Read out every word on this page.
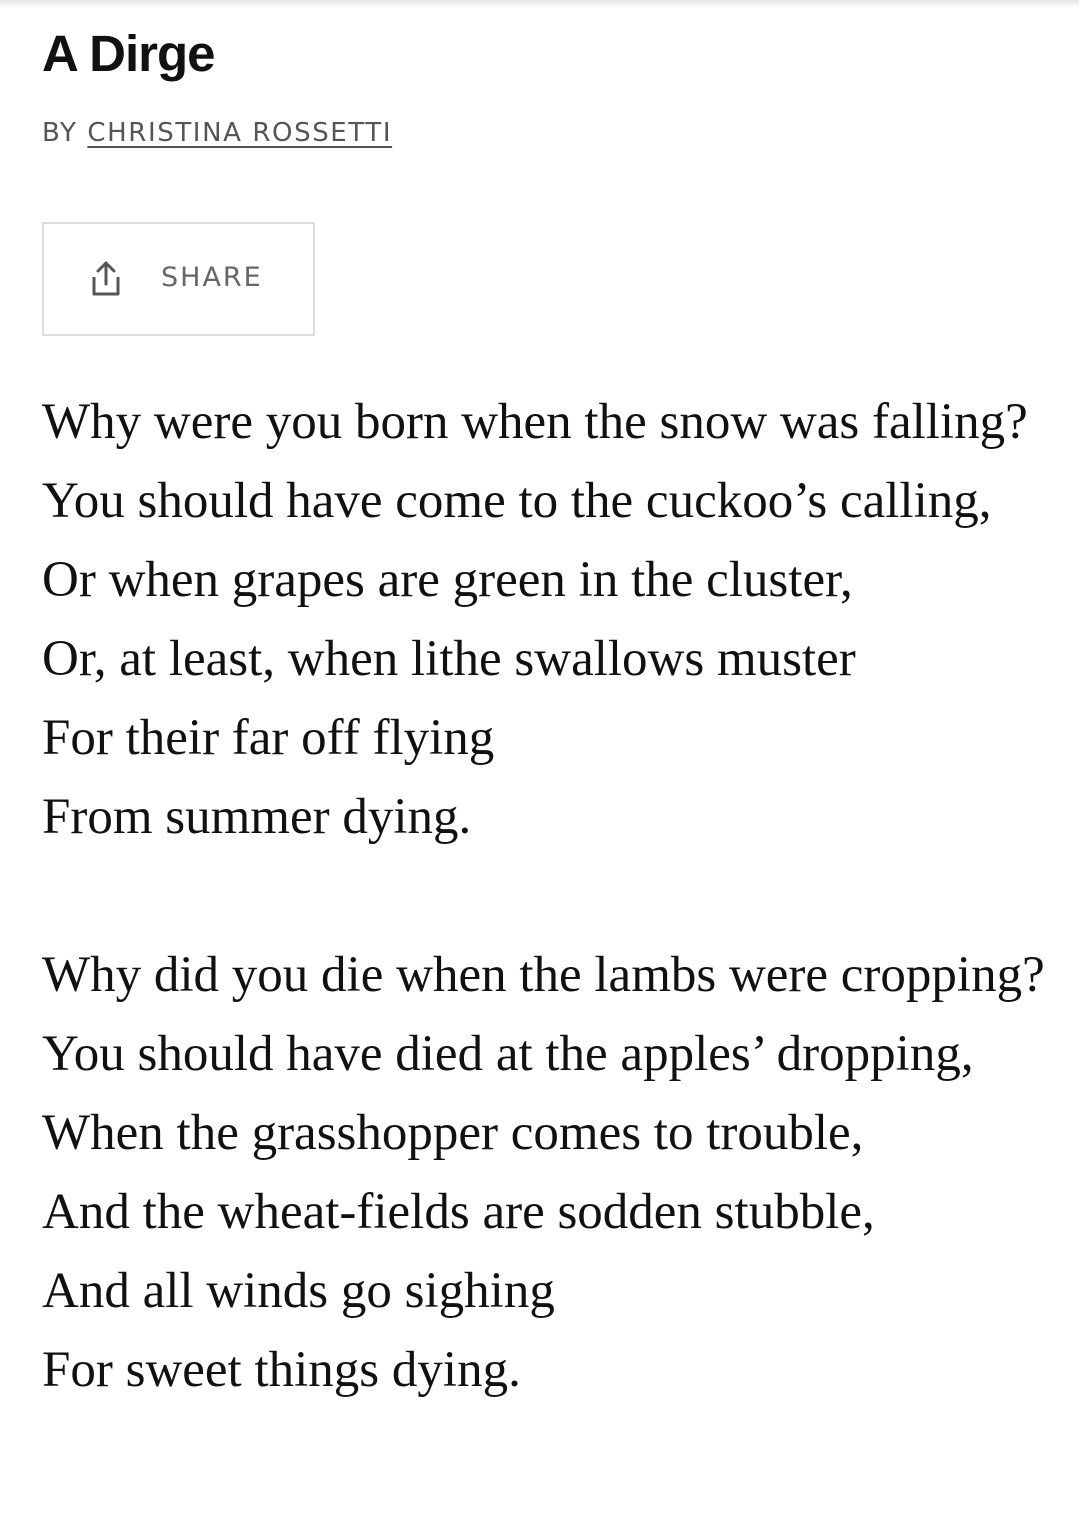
A Dirge
BY CHRISTINA ROSSETTI
SHARE
Why were you born when the snow was falling?
You should have come to the cuckoo’s calling,
Or when grapes are green in the cluster,
Or, at least, when lithe swallows muster
For their far off flying
From summer dying.
Why did you die when the lambs were cropping?
You should have died at the apples’ dropping,
When the grasshopper comes to trouble,
And the wheat-fields are sodden stubble,
And all winds go sighing
For sweet things dying.
